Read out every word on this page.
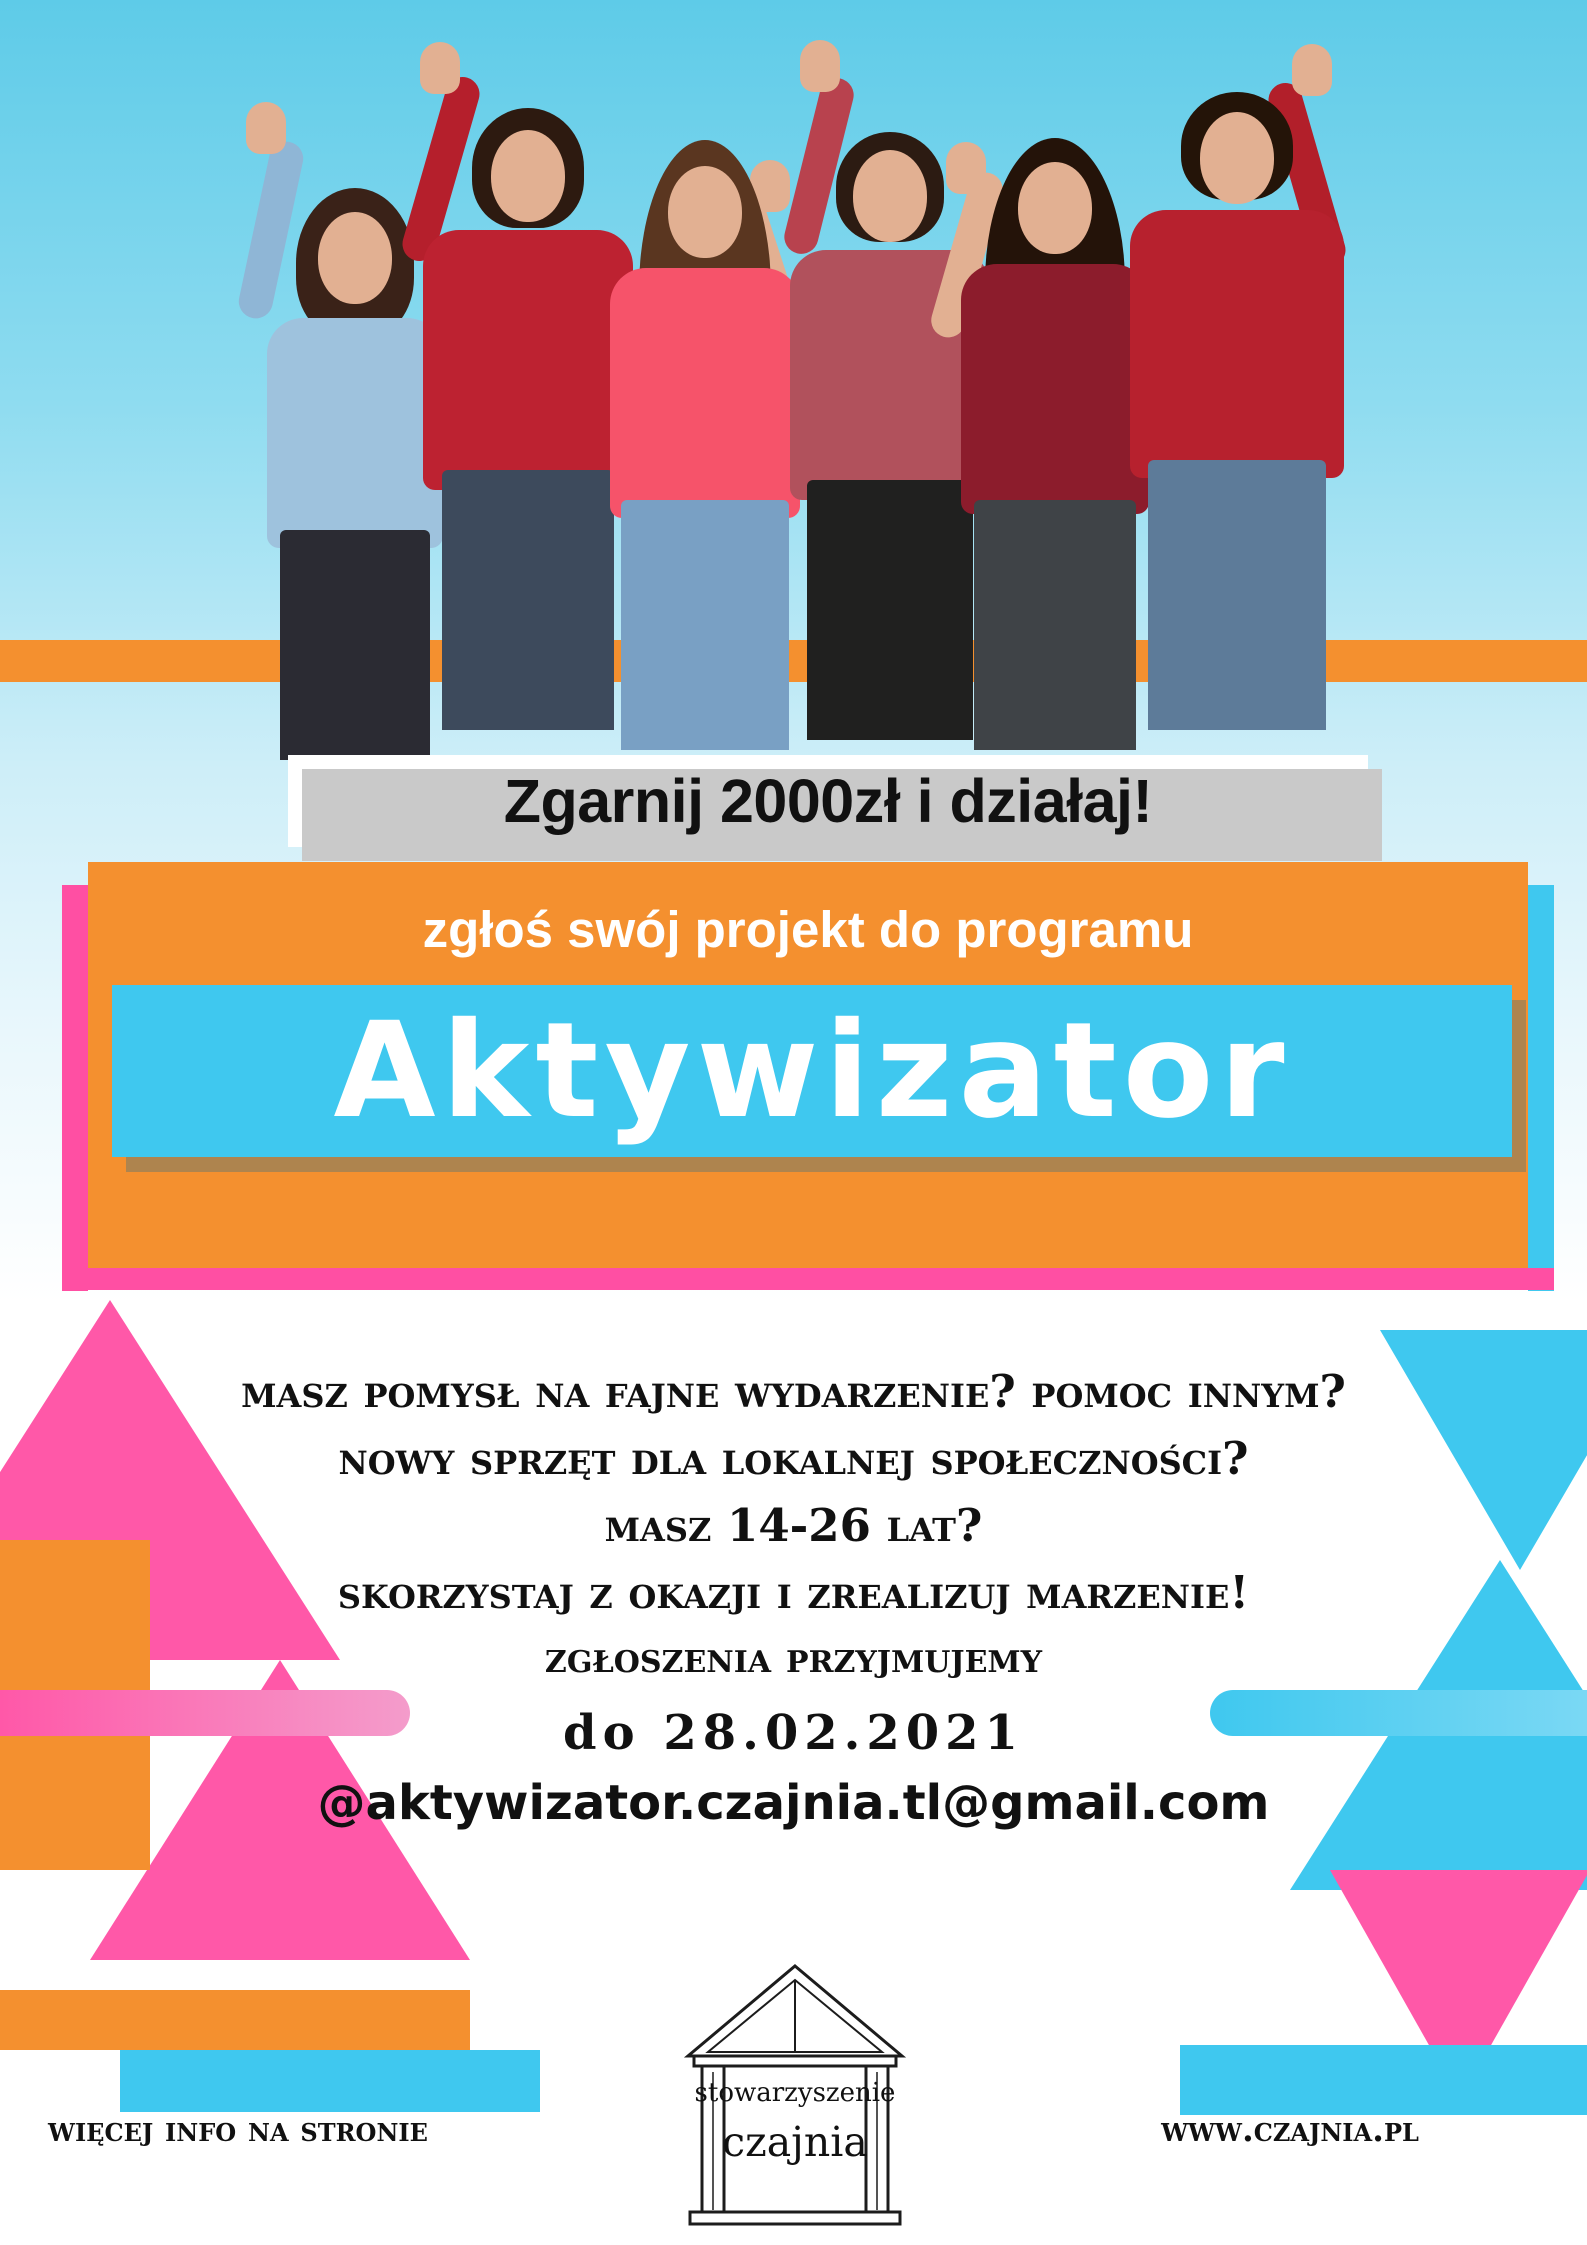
Zgarnij 2000zł i działaj!
zgłoś swój projekt do programu
Aktywizator

masz pomysł na fajne wydarzenie? pomoc innym?

nowy sprzęt dla lokalnej społeczności?

masz 14-26 lat?

skorzystaj z okazji i zrealizuj marzenie!

zgłoszenia przyjmujemy

do 28.02.2021

@aktywizator.czajnia.tl@gmail.com

stowarzyszenie
czajnia
więcej info na stronie	www.czajnia.pl
